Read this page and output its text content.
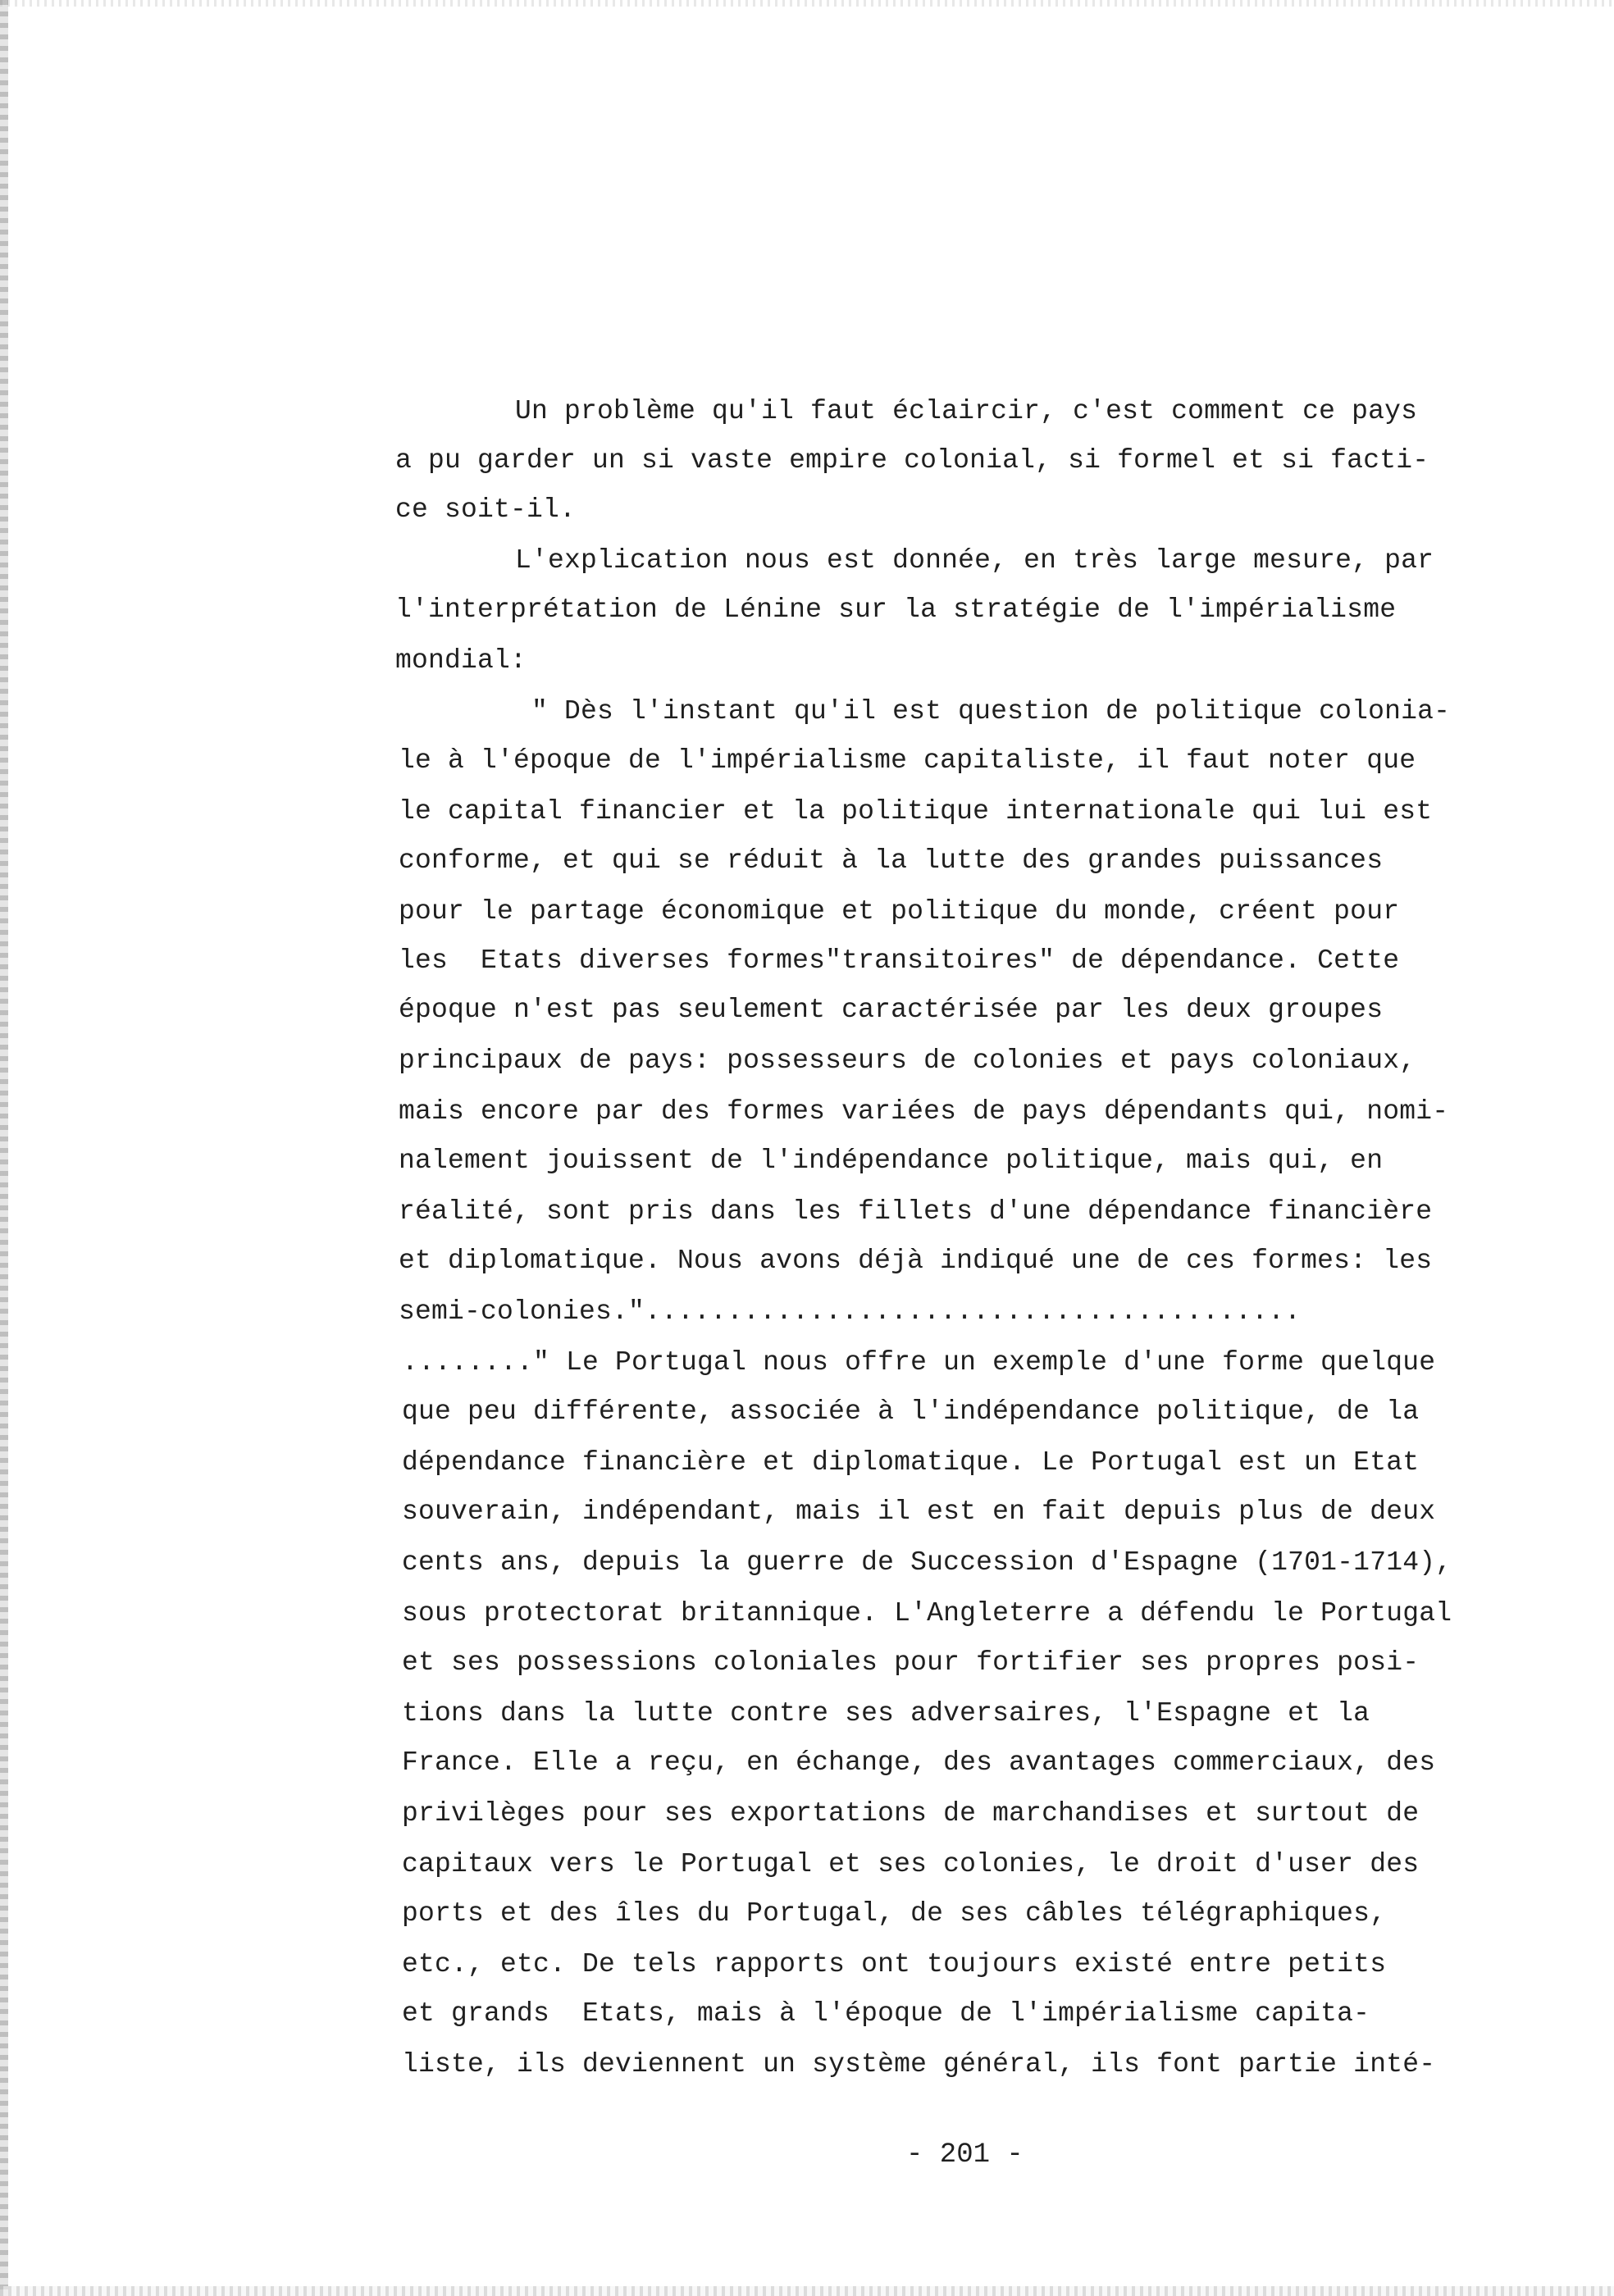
Un problème qu'il faut éclaircir, c'est comment ce pays
a pu garder un si vaste empire colonial, si formel et si facti-
ce soit-il.
L'explication nous est donnée, en très large mesure, par
l'interprétation de Lénine sur la stratégie de l'impérialisme
mondial:
" Dès l'instant qu'il est question de politique colonia-
le à l'époque de l'impérialisme capitaliste, il faut noter que
le capital financier et la politique internationale qui lui est
conforme, et qui se réduit à la lutte des grandes puissances
pour le partage économique et politique du monde, créent pour
les  Etats diverses formes"transitoires" de dépendance. Cette
époque n'est pas seulement caractérisée par les deux groupes
principaux de pays: possesseurs de colonies et pays coloniaux,
mais encore par des formes variées de pays dépendants qui, nomi-
nalement jouissent de l'indépendance politique, mais qui, en
réalité, sont pris dans les fillets d'une dépendance financière
et diplomatique. Nous avons déjà indiqué une de ces formes: les
semi-colonies."........................................
........" Le Portugal nous offre un exemple d'une forme quelque
que peu différente, associée à l'indépendance politique, de la
dépendance financière et diplomatique. Le Portugal est un Etat
souverain, indépendant, mais il est en fait depuis plus de deux
cents ans, depuis la guerre de Succession d'Espagne (1701-1714),
sous protectorat britannique. L'Angleterre a défendu le Portugal
et ses possessions coloniales pour fortifier ses propres posi-
tions dans la lutte contre ses adversaires, l'Espagne et la
France. Elle a reçu, en échange, des avantages commerciaux, des
privilèges pour ses exportations de marchandises et surtout de
capitaux vers le Portugal et ses colonies, le droit d'user des
ports et des îles du Portugal, de ses câbles télégraphiques,
etc., etc. De tels rapports ont toujours existé entre petits
et grands  Etats, mais à l'époque de l'impérialisme capita-
liste, ils deviennent un système général, ils font partie inté-
- 201 -
